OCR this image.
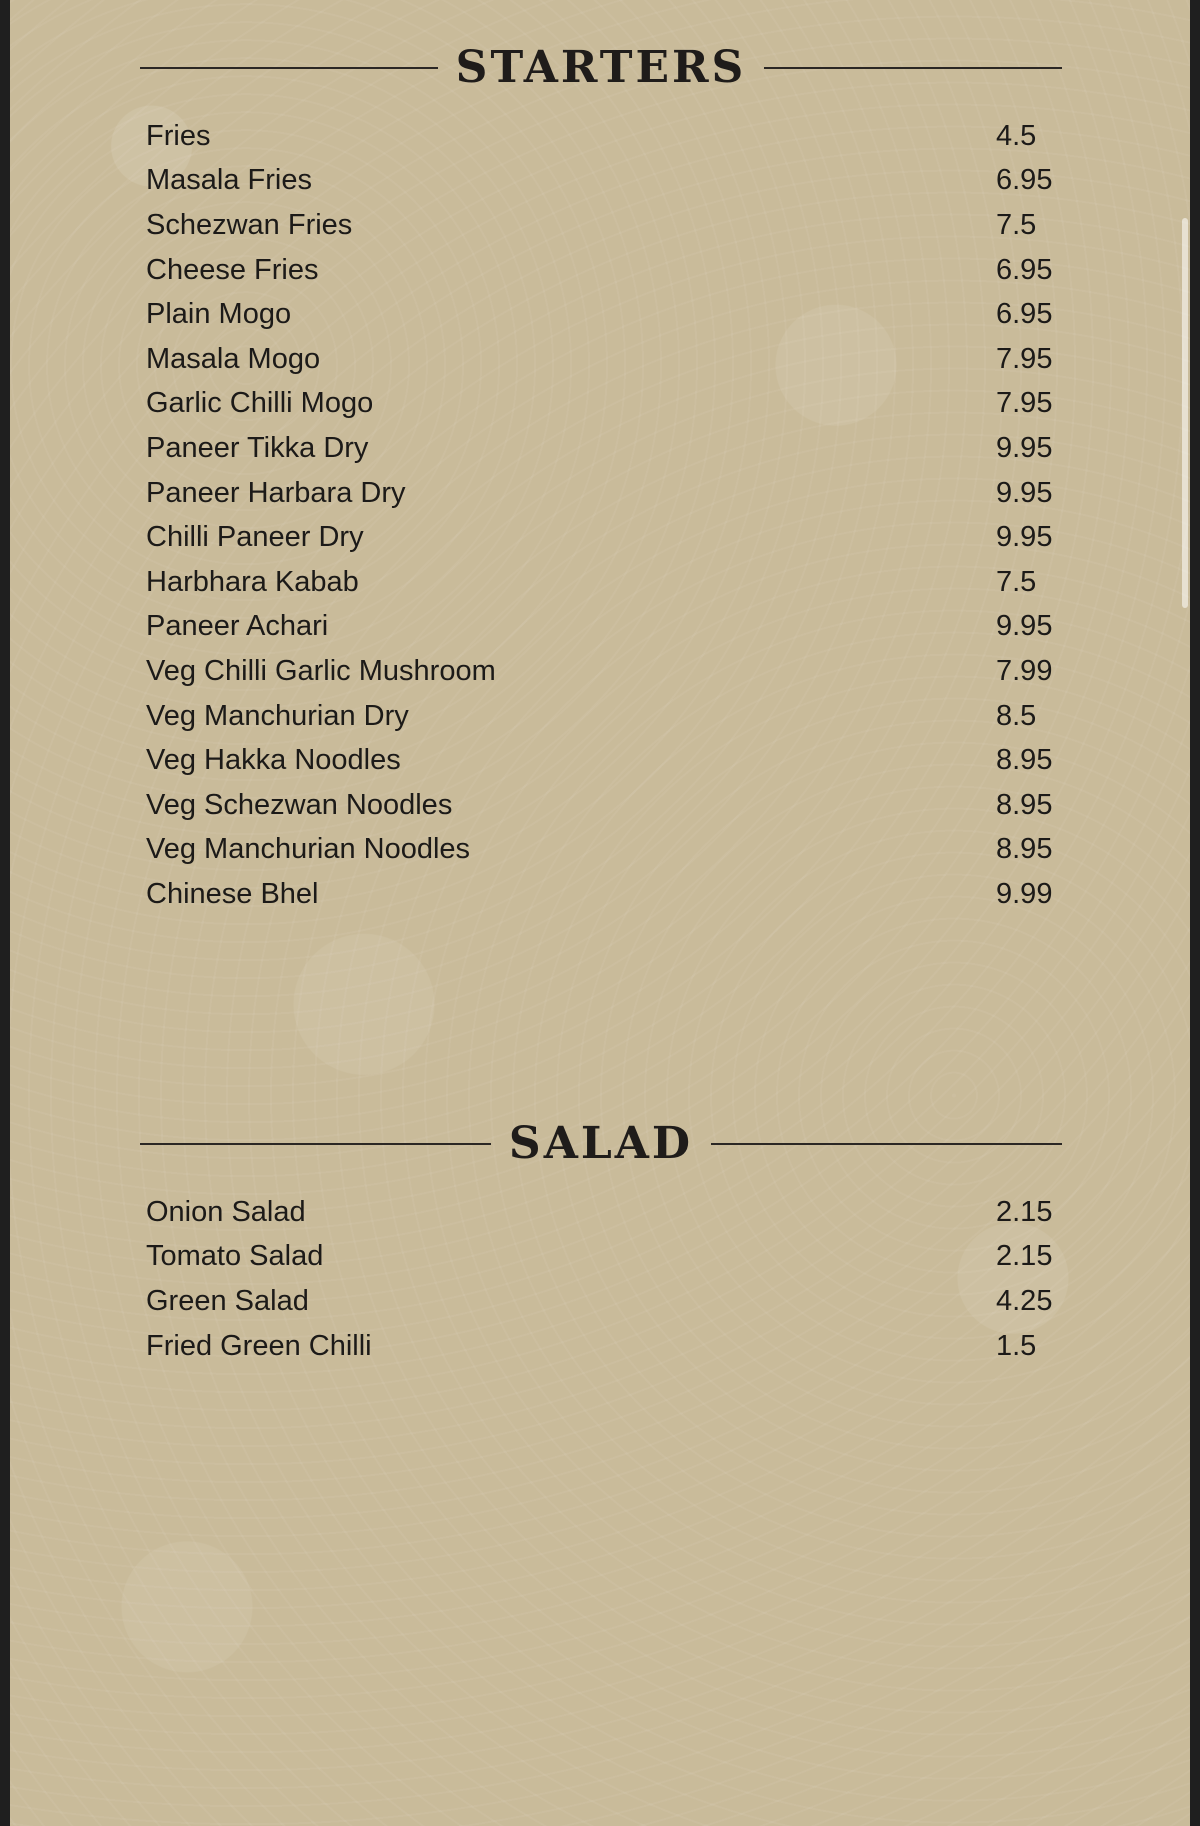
STARTERS
Fries	4.5
Masala Fries	6.95
Schezwan Fries	7.5
Cheese Fries	6.95
Plain Mogo	6.95
Masala Mogo	7.95
Garlic Chilli Mogo	7.95
Paneer Tikka Dry	9.95
Paneer Harbara Dry	9.95
Chilli Paneer Dry	9.95
Harbhara Kabab	7.5
Paneer Achari	9.95
Veg Chilli Garlic Mushroom	7.99
Veg Manchurian Dry	8.5
Veg Hakka Noodles	8.95
Veg Schezwan Noodles	8.95
Veg Manchurian Noodles	8.95
Chinese Bhel	9.99
SALAD
Onion Salad	2.15
Tomato Salad	2.15
Green Salad	4.25
Fried Green Chilli	1.5
